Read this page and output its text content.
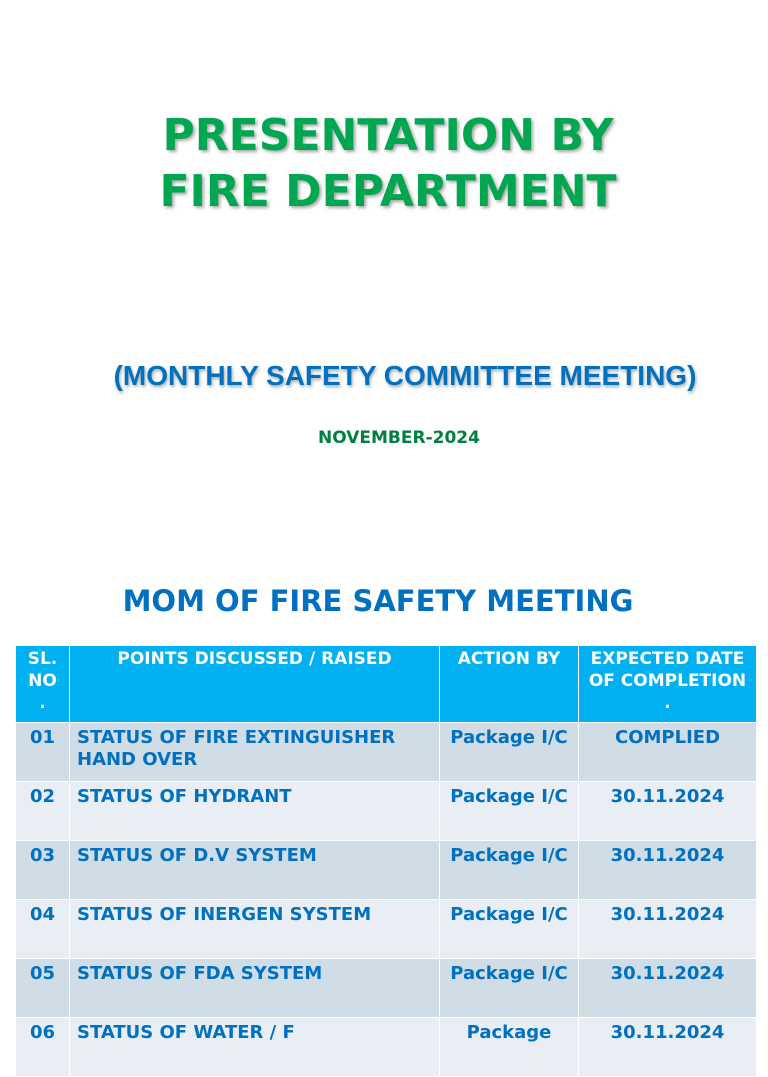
PRESENTATION BY
FIRE DEPARTMENT
(MONTHLY SAFETY COMMITTEE MEETING)
NOVEMBER-2024
MOM OF FIRE SAFETY MEETING
SL. NO .	POINTS DISCUSSED / RAISED	ACTION BY	EXPECTED DATE OF COMPLETION .
01	STATUS OF FIRE EXTINGUISHER HAND OVER	Package I/C	COMPLIED
02	STATUS OF HYDRANT	Package I/C	30.11.2024
03	STATUS OF D.V SYSTEM	Package I/C	30.11.2024
04	STATUS OF INERGEN SYSTEM	Package I/C	30.11.2024
05	STATUS OF FDA SYSTEM	Package I/C	30.11.2024
06	STATUS OF WATER / F	Package	30.11.2024
